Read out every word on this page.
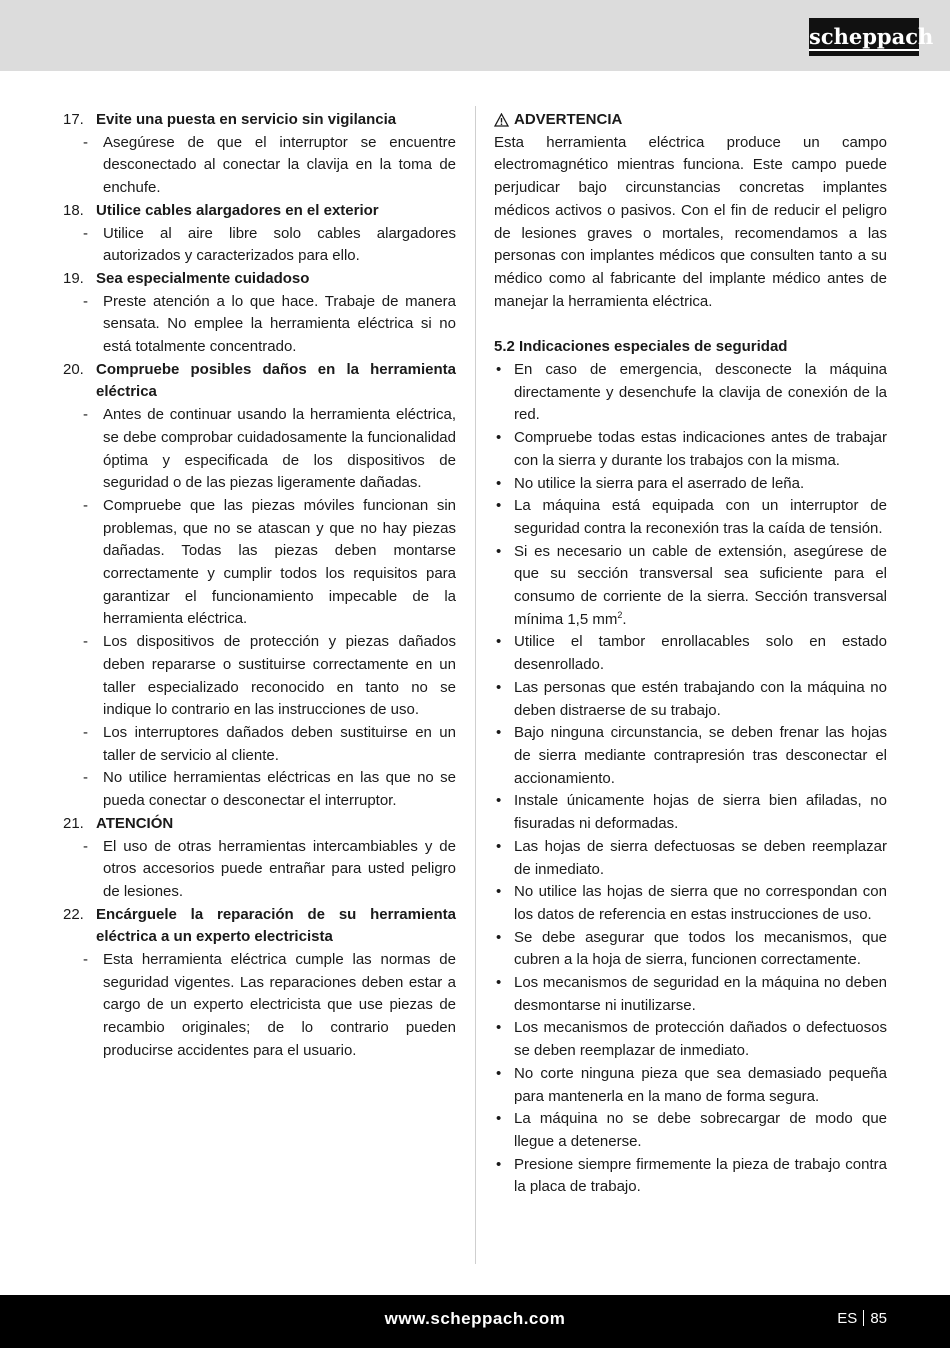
scheppach
17. Evite una puesta en servicio sin vigilancia
-	Asegúrese de que el interruptor se encuentre desconectado al conectar la clavija en la toma de enchufe.
18. Utilice cables alargadores en el exterior
-	Utilice al aire libre solo cables alargadores autorizados y caracterizados para ello.
19. Sea especialmente cuidadoso
-	Preste atención a lo que hace. Trabaje de manera sensata. No emplee la herramienta eléctrica si no está totalmente concentrado.
20. Compruebe posibles daños en la herramienta eléctrica
-	Antes de continuar usando la herramienta eléctrica, se debe comprobar cuidadosamente la funcionalidad óptima y especificada de los dispositivos de seguridad o de las piezas ligeramente dañadas.
-	Compruebe que las piezas móviles funcionan sin problemas, que no se atascan y que no hay piezas dañadas. Todas las piezas deben montarse correctamente y cumplir todos los requisitos para garantizar el funcionamiento impecable de la herramienta eléctrica.
-	Los dispositivos de protección y piezas dañados deben repararse o sustituirse correctamente en un taller especializado reconocido en tanto no se indique lo contrario en las instrucciones de uso.
-	Los interruptores dañados deben sustituirse en un taller de servicio al cliente.
-	No utilice herramientas eléctricas en las que no se pueda conectar o desconectar el interruptor.
21. ATENCIÓN
-	El uso de otras herramientas intercambiables y de otros accesorios puede entrañar para usted peligro de lesiones.
22. Encárguele la reparación de su herramienta eléctrica a un experto electricista
-	Esta herramienta eléctrica cumple las normas de seguridad vigentes. Las reparaciones deben estar a cargo de un experto electricista que use piezas de recambio originales; de lo contrario pueden producirse accidentes para el usuario.
ADVERTENCIA
Esta herramienta eléctrica produce un campo electromagnético mientras funciona. Este campo puede perjudicar bajo circunstancias concretas implantes médicos activos o pasivos. Con el fin de reducir el peligro de lesiones graves o mortales, recomendamos a las personas con implantes médicos que consulten tanto a su médico como al fabricante del implante médico antes de manejar la herramienta eléctrica.
5.2 Indicaciones especiales de seguridad
• En caso de emergencia, desconecte la máquina directamente y desenchufe la clavija de conexión de la red.
• Compruebe todas estas indicaciones antes de trabajar con la sierra y durante los trabajos con la misma.
• No utilice la sierra para el aserrado de leña.
• La máquina está equipada con un interruptor de seguridad contra la reconexión tras la caída de tensión.
• Si es necesario un cable de extensión, asegúrese de que su sección transversal sea suficiente para el consumo de corriente de la sierra. Sección transversal mínima 1,5 $mm^2$.
• Utilice el tambor enrollacables solo en estado desenrollado.
• Las personas que estén trabajando con la máquina no deben distraerse de su trabajo.
• Bajo ninguna circunstancia, se deben frenar las hojas de sierra mediante contrapresión tras desconectar el accionamiento.
• Instale únicamente hojas de sierra bien afiladas, no fisuradas ni deformadas.
• Las hojas de sierra defectuosas se deben reemplazar de inmediato.
• No utilice las hojas de sierra que no correspondan con los datos de referencia en estas instrucciones de uso.
• Se debe asegurar que todos los mecanismos, que cubren a la hoja de sierra, funcionen correctamente.
• Los mecanismos de seguridad en la máquina no deben desmontarse ni inutilizarse.
• Los mecanismos de protección dañados o defectuosos se deben reemplazar de inmediato.
• No corte ninguna pieza que sea demasiado pequeña para mantenerla en la mano de forma segura.
• La máquina no se debe sobrecargar de modo que llegue a detenerse.
• Presione siempre firmemente la pieza de trabajo contra la placa de trabajo.
www.scheppach.com	ES 85
